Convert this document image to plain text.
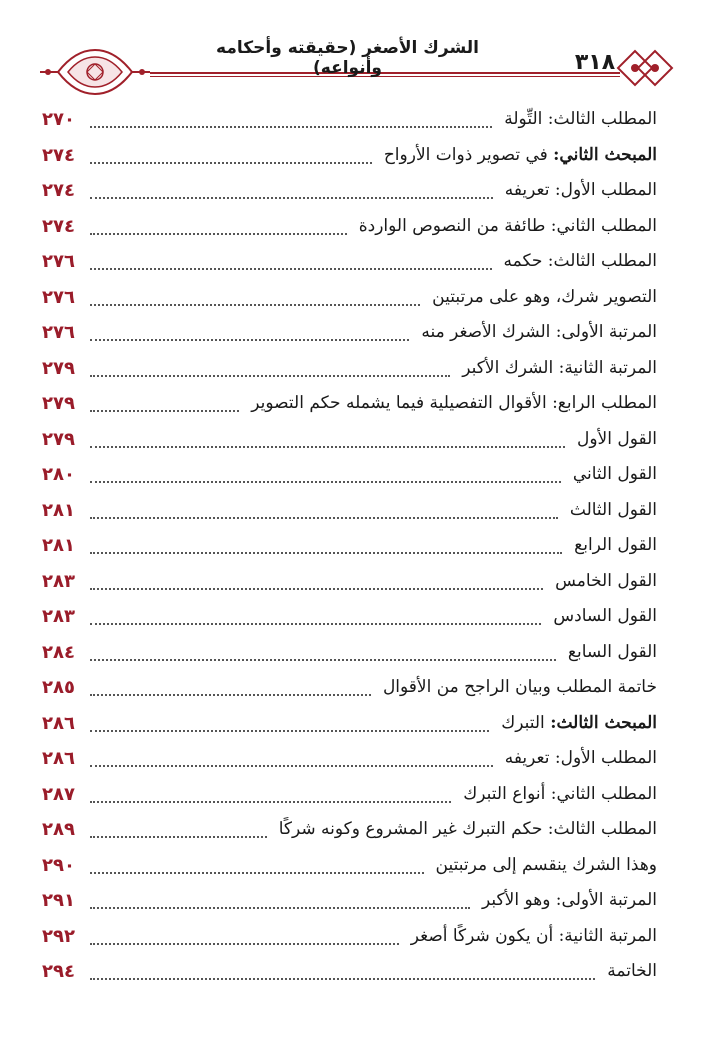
الشرك الأصغر (حقيقته وأحكامه وأنواعه)	٣١٨
٢٧٠	المطلب الثالث: التِّولة
٢٧٤	المبحث الثاني: في تصوير ذوات الأرواح
٢٧٤	المطلب الأول: تعريفه
٢٧٤	المطلب الثاني: طائفة من النصوص الواردة
٢٧٦	المطلب الثالث: حكمه
٢٧٦	التصوير شرك، وهو على مرتبتين
٢٧٦	المرتبة الأولى: الشرك الأصغر منه
٢٧٩	المرتبة الثانية: الشرك الأكبر
٢٧٩	المطلب الرابع: الأقوال التفصيلية فيما يشمله حكم التصوير
٢٧٩	القول الأول
٢٨٠	القول الثاني
٢٨١	القول الثالث
٢٨١	القول الرابع
٢٨٣	القول الخامس
٢٨٣	القول السادس
٢٨٤	القول السابع
٢٨٥	خاتمة المطلب وبيان الراجح من الأقوال
٢٨٦	المبحث الثالث: التبرك
٢٨٦	المطلب الأول: تعريفه
٢٨٧	المطلب الثاني: أنواع التبرك
٢٨٩	المطلب الثالث: حكم التبرك غير المشروع وكونه شركًا
٢٩٠	وهذا الشرك ينقسم إلى مرتبتين
٢٩١	المرتبة الأولى: وهو الأكبر
٢٩٢	المرتبة الثانية: أن يكون شركًا أصغر
٢٩٤	الخاتمة
